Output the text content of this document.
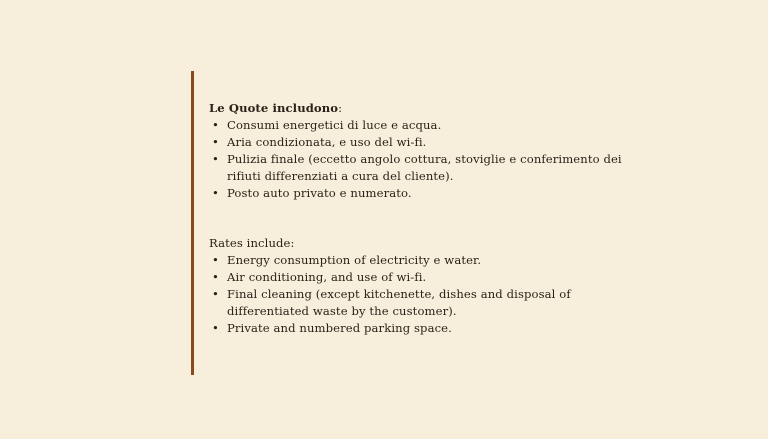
Le Quote includono:

• Consumi energetici di luce e acqua.
• Aria condizionata, e uso del wi-fi.
• Pulizia finale (eccetto angolo cottura, stoviglie e conferimento dei rifiuti differenziati a cura del cliente).
• Posto auto privato e numerato.

Rates include:

• Energy consumption of electricity e water.
• Air conditioning, and use of wi-fi.
• Final cleaning (except kitchenette, dishes and disposal of differentiated waste by the customer).
• Private and numbered parking space.
